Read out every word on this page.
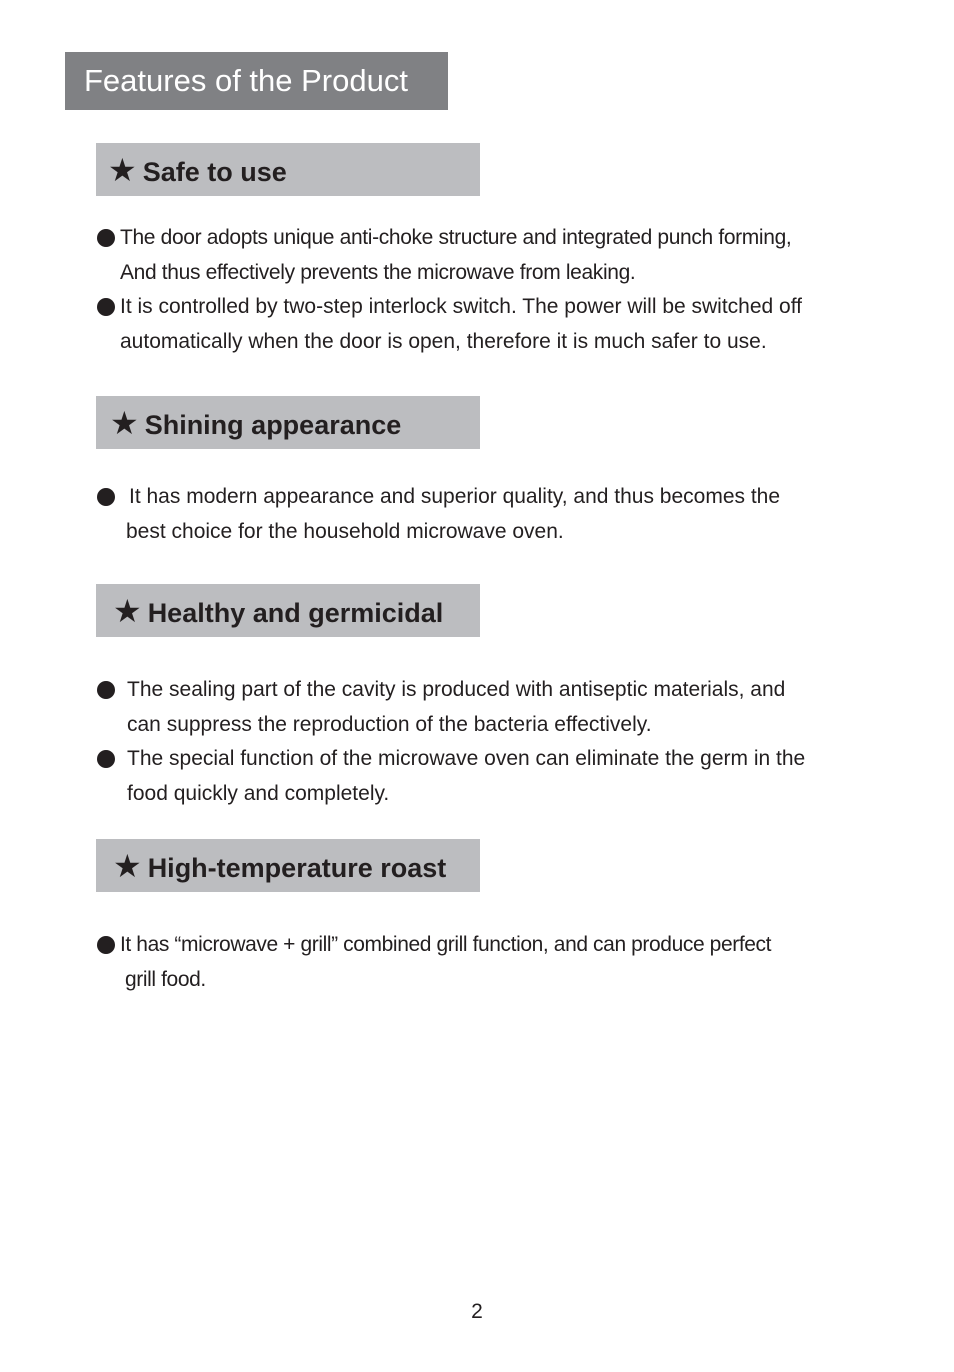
Features of the Product
★ Safe to use
The door adopts unique anti-choke structure and integrated punch forming,
And thus effectively prevents the microwave from leaking.
It is controlled by two-step interlock switch. The power will be switched off
automatically when the door is open, therefore it is much safer to use.
★ Shining appearance
It has modern appearance and superior quality, and thus becomes the
best choice for the household microwave oven.
★ Healthy and germicidal
The sealing part of the cavity is produced with antiseptic materials, and
can suppress the reproduction of the bacteria effectively.
The special function of the microwave oven can eliminate the germ in the
food quickly and completely.
★ High-temperature roast
It has “microwave + grill” combined grill function, and can produce perfect
grill food.
2
